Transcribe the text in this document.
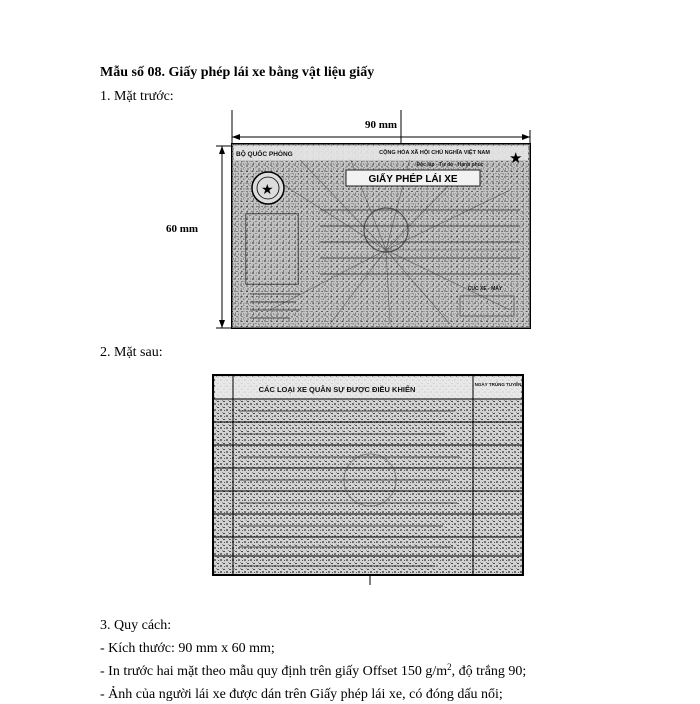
Mẫu số 08. Giấy phép lái xe bằng vật liệu giấy
1. Mặt trước:
90 mm
60 mm
BỘ QUỐC PHÒNG	CỘNG HÒA XÃ HỘI CHỦ NGHĨA VIỆT NAM
Độc lập - Tự do - Hạnh phúc ★
★
GIẤY PHÉP LÁI XE
CỤC XE - MÁY
2. Mặt sau:
CÁC LOẠI XE QUÂN SỰ ĐƯỢC ĐIỀU KHIỂN
NGÀY TRÚNG TUYỂN
3. Quy cách:
- Kích thước: 90 mm x 60 mm;
- In trước hai mặt theo mẫu quy định trên giấy Offset 150 $g/m^2$, độ trắng 90;
- Ảnh của người lái xe được dán trên Giấy phép lái xe, có đóng dấu nổi;
